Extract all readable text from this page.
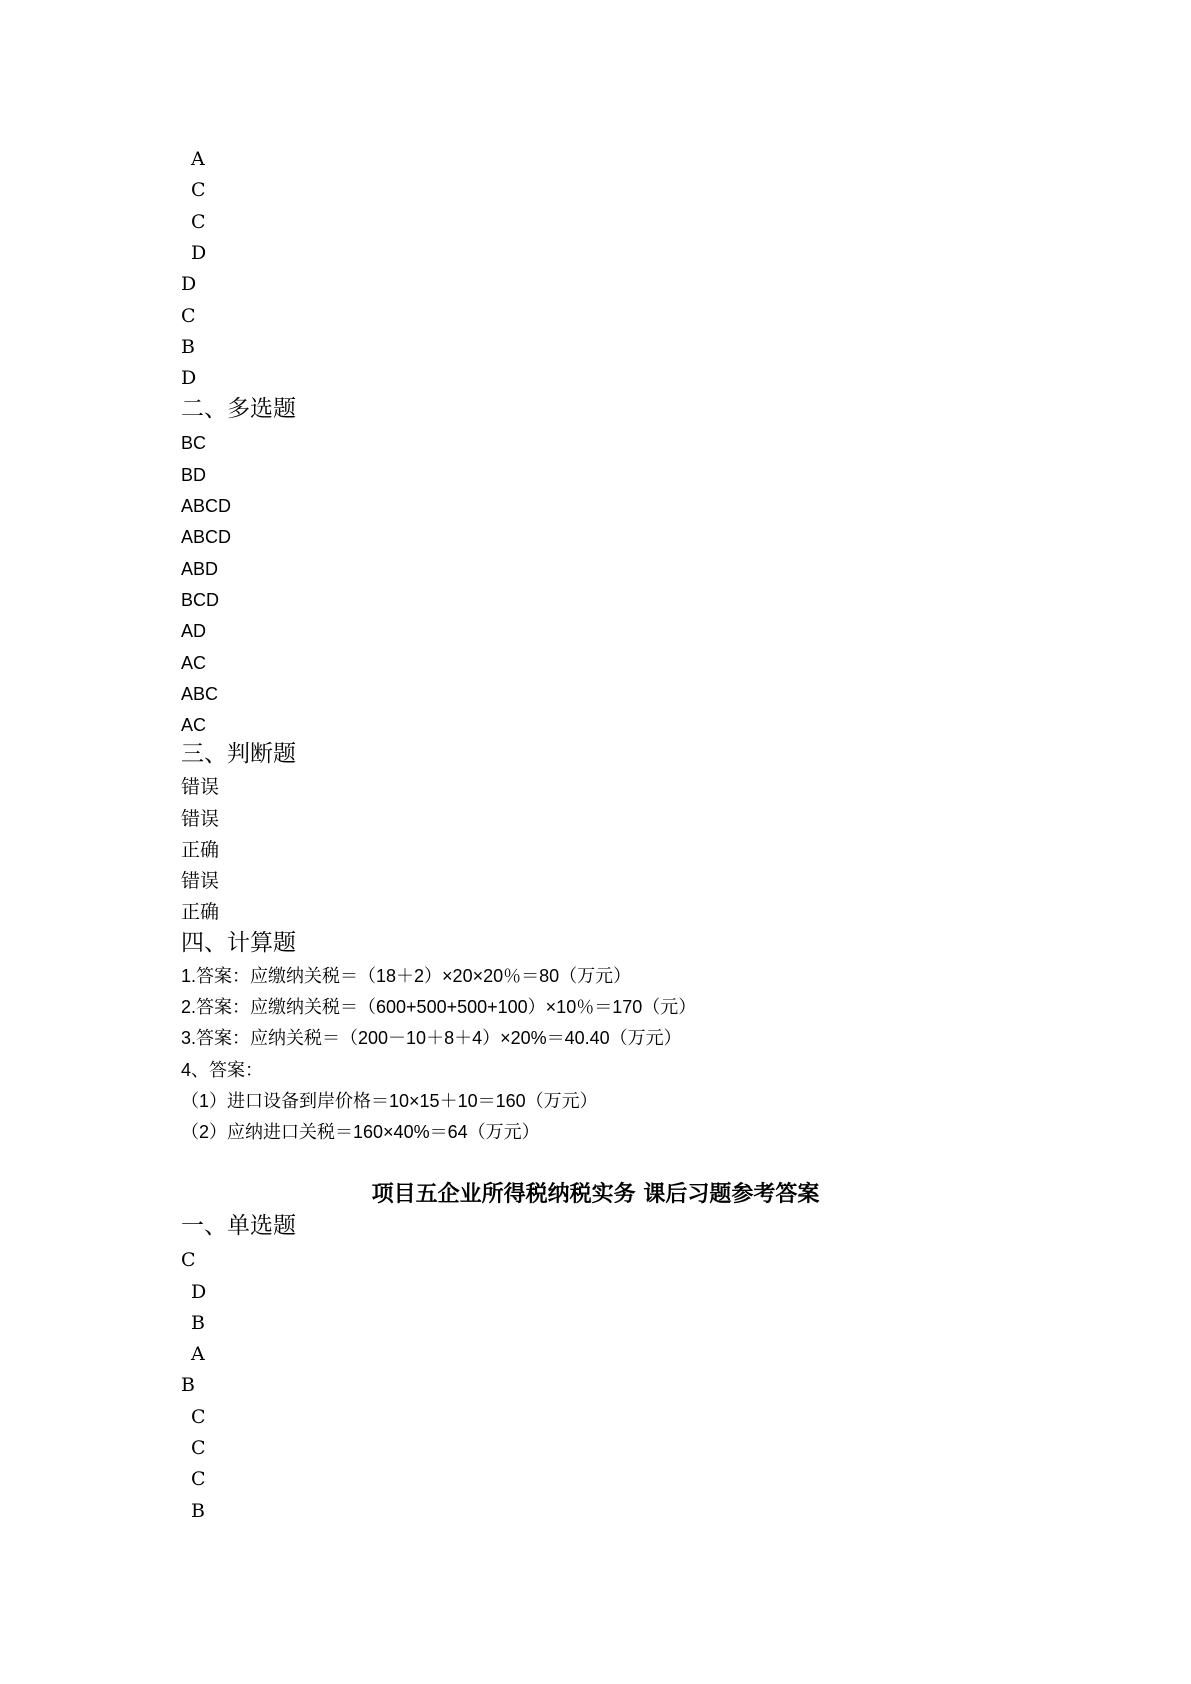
A
C
C
D
D
C
B
D
二、多选题
BC
BD
ABCD
ABCD
ABD
BCD
AD
AC
ABC
AC
三、判断题
错误
错误
正确
错误
正确
四、计算题
1.答案：应缴纳关税＝（18＋2）×20×20％＝80（万元）
2.答案：应缴纳关税＝（600+500+500+100）×10％＝170（元）
3.答案：应纳关税＝（200－10＋8＋4）×20%＝40.40（万元）
4、答案：
（1）进口设备到岸价格＝10×15＋10＝160（万元）
（2）应纳进口关税＝160×40%＝64（万元）
项目五企业所得税纳税实务 课后习题参考答案
一、单选题
C
D
B
A
B
C
C
C
B
